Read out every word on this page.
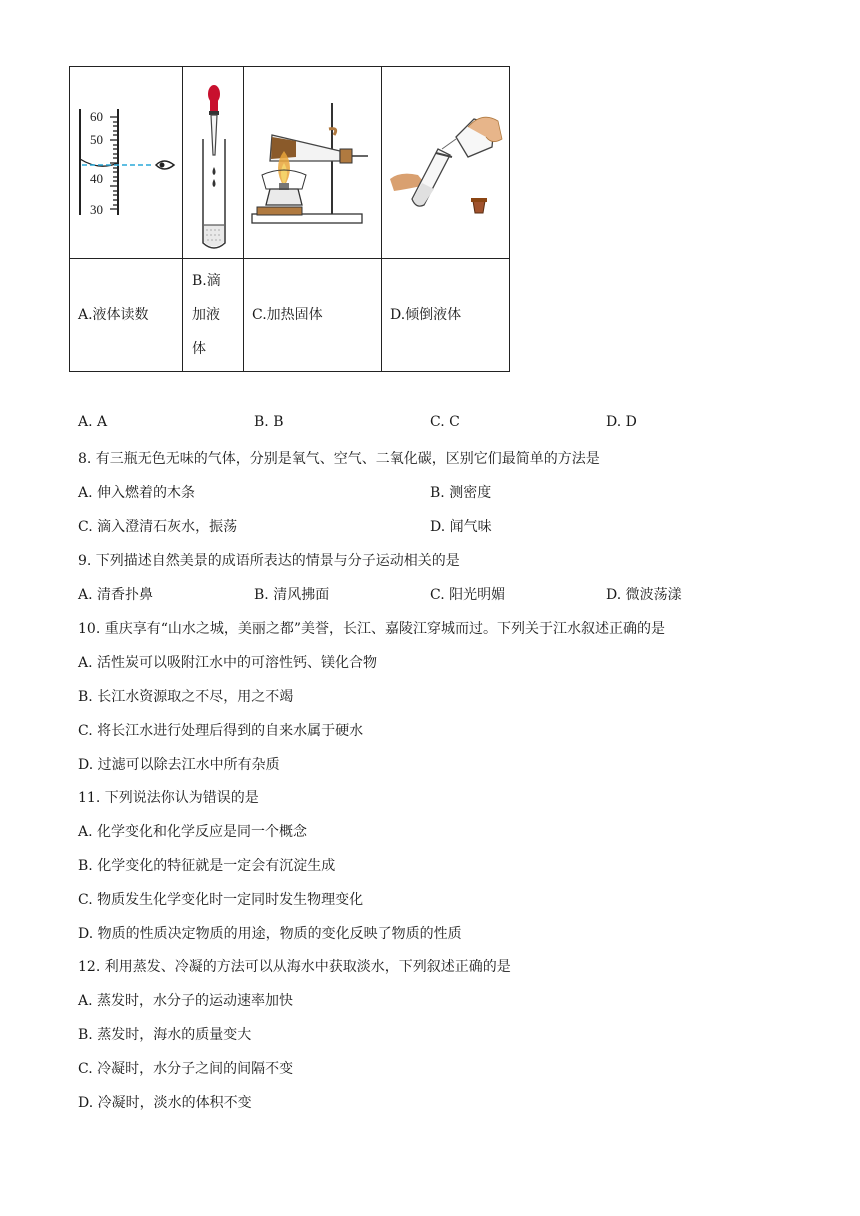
60
50
40
30

A.液体读数	B.滴加液体	C.加热固体	D.倾倒液体
A. A	B. B	C. C	D. D
8. 有三瓶无色无味的气体，分别是氧气、空气、二氧化碳，区别它们最简单的方法是
A. 伸入燃着的木条	B. 测密度
C. 滴入澄清石灰水，振荡	D. 闻气味
9. 下列描述自然美景的成语所表达的情景与分子运动相关的是
A. 清香扑鼻	B. 清风拂面	C. 阳光明媚	D. 微波荡漾
10. 重庆享有“山水之城，美丽之都”美誉，长江、嘉陵江穿城而过。下列关于江水叙述正确的是
A. 活性炭可以吸附江水中的可溶性钙、镁化合物
B. 长江水资源取之不尽，用之不竭
C. 将长江水进行处理后得到的自来水属于硬水
D. 过滤可以除去江水中所有杂质
11. 下列说法你认为错误的是
A. 化学变化和化学反应是同一个概念
B. 化学变化的特征就是一定会有沉淀生成
C. 物质发生化学变化时一定同时发生物理变化
D. 物质的性质决定物质的用途，物质的变化反映了物质的性质
12. 利用蒸发、冷凝的方法可以从海水中获取淡水，下列叙述正确的是
A. 蒸发时，水分子的运动速率加快
B. 蒸发时，海水的质量变大
C. 冷凝时，水分子之间的间隔不变
D. 冷凝时，淡水的体积不变
